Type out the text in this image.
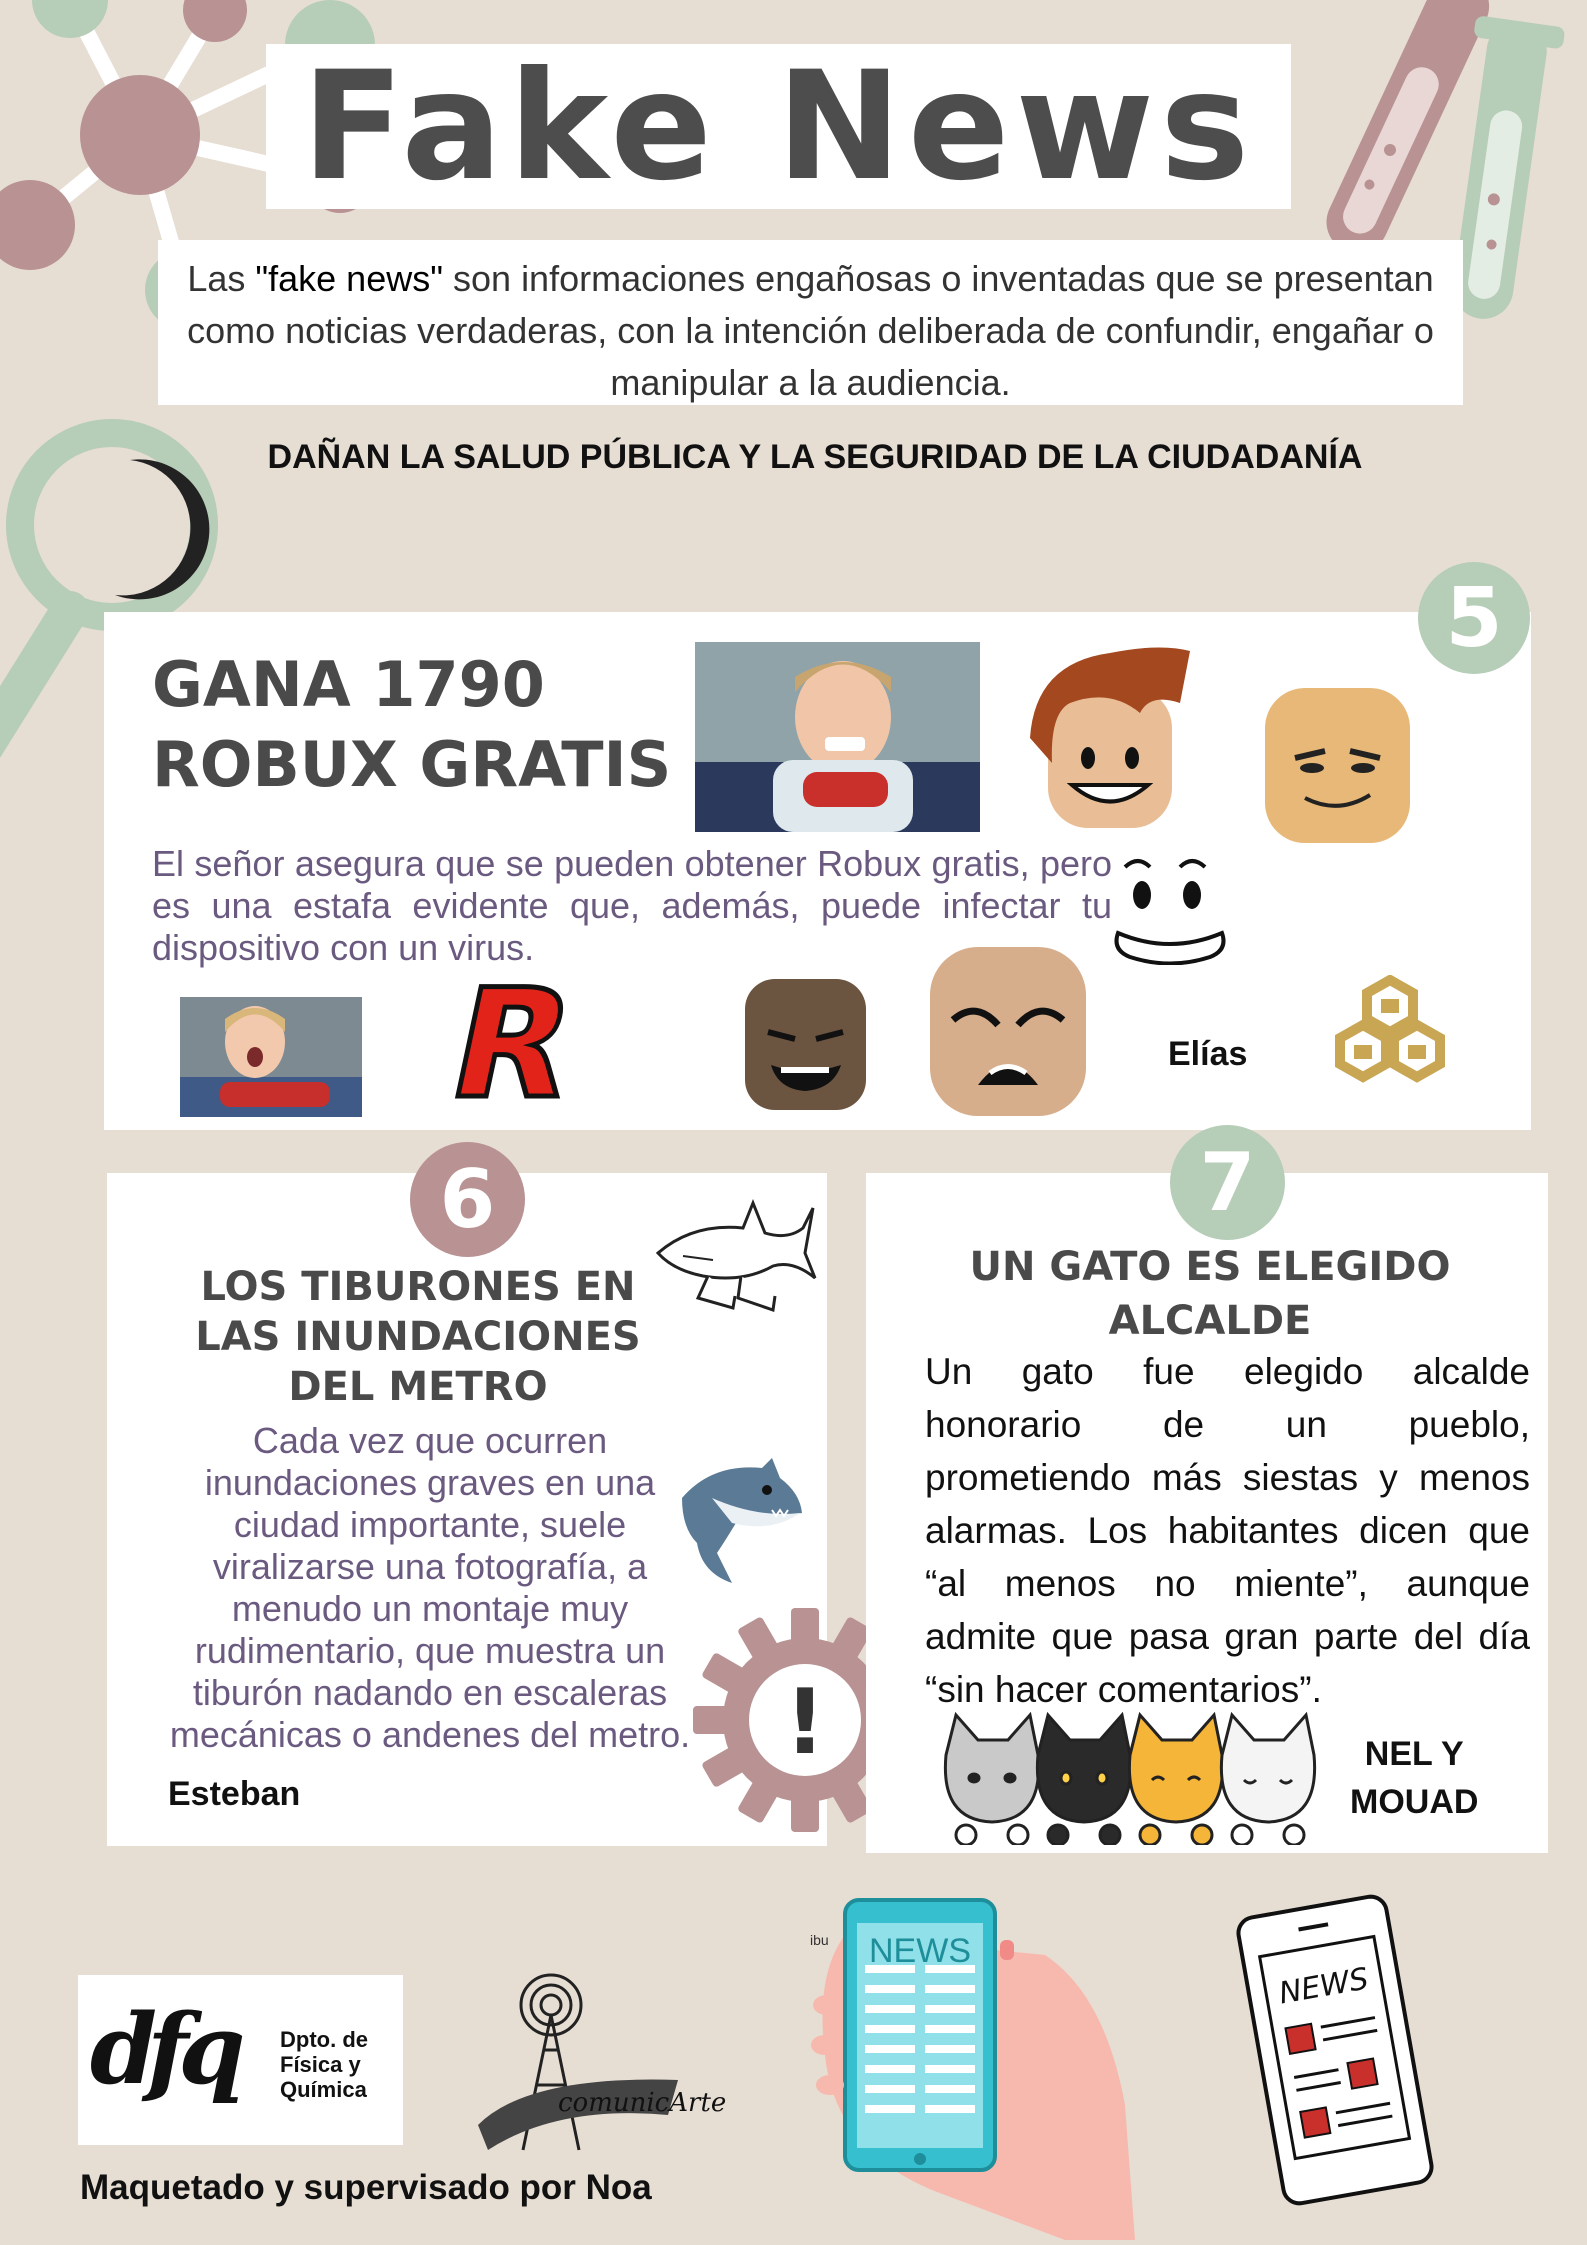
Fake News
Las "fake news" son informaciones engañosas o inventadas que se presentan como noticias verdaderas, con la intención deliberada de confundir, engañar o manipular a la audiencia.
DAÑAN LA SALUD PÚBLICA Y LA SEGURIDAD DE LA CIUDADANÍA
5
GANA 1790
ROBUX GRATIS
El señor asegura que se pueden obtener Robux gratis, pero es una estafa evidente que, además, puede infectar tu dispositivo con un virus.
R	Elías
6
LOS TIBURONES EN
LAS INUNDACIONES
DEL METRO
Cada vez que ocurren inundaciones graves en una ciudad importante, suele viralizarse una fotografía, a menudo un montaje muy rudimentario, que muestra un tiburón nadando en escaleras mecánicas o andenes del metro.
Esteban
!
7
UN GATO ES ELEGIDO
ALCALDE
Un gato fue elegido alcalde honorario de un pueblo, prometiendo más siestas y menos alarmas. Los habitantes dicen que “al menos no miente”, aunque admite que pasa gran parte del día “sin hacer comentarios”.
NEL Y
MOUAD
dfq Dpto. de
Física y
Química	comunicArte
Maquetado y supervisado por Noa
NEWS
ibu
NEWS
